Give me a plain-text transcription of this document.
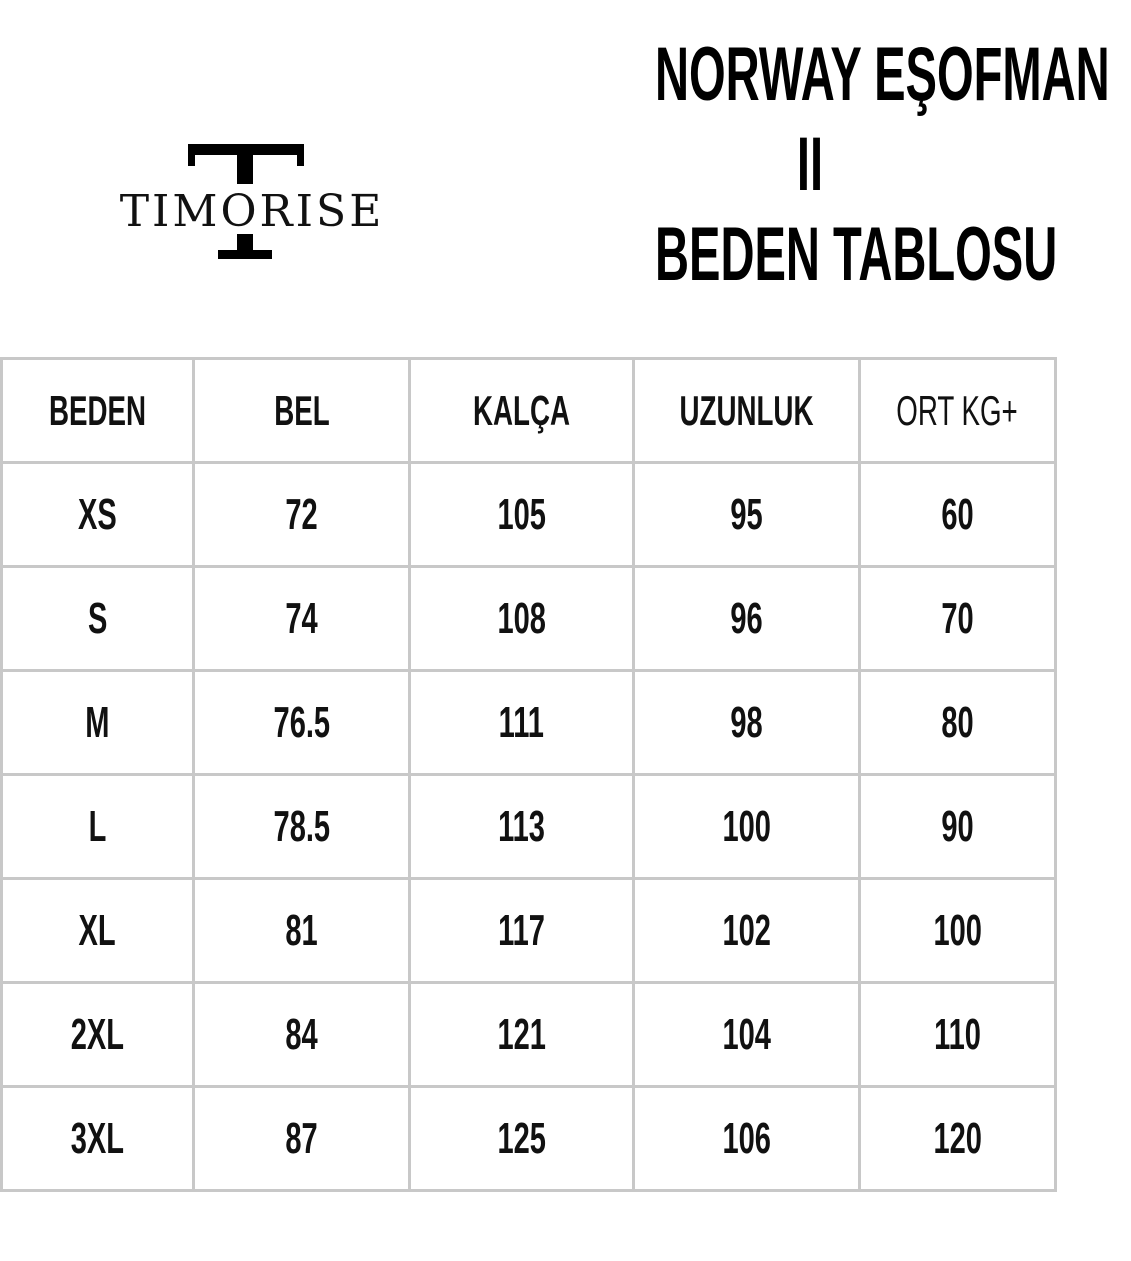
TIMORISE
NORWAY EŞOFMAN
II
BEDEN TABLOSU
BEDEN	BEL	KALÇA	UZUNLUK	ORT KG+
XS	72	105	95	60
S	74	108	96	70
M	76.5	111	98	80
L	78.5	113	100	90
XL	81	117	102	100
2XL	84	121	104	110
3XL	87	125	106	120
